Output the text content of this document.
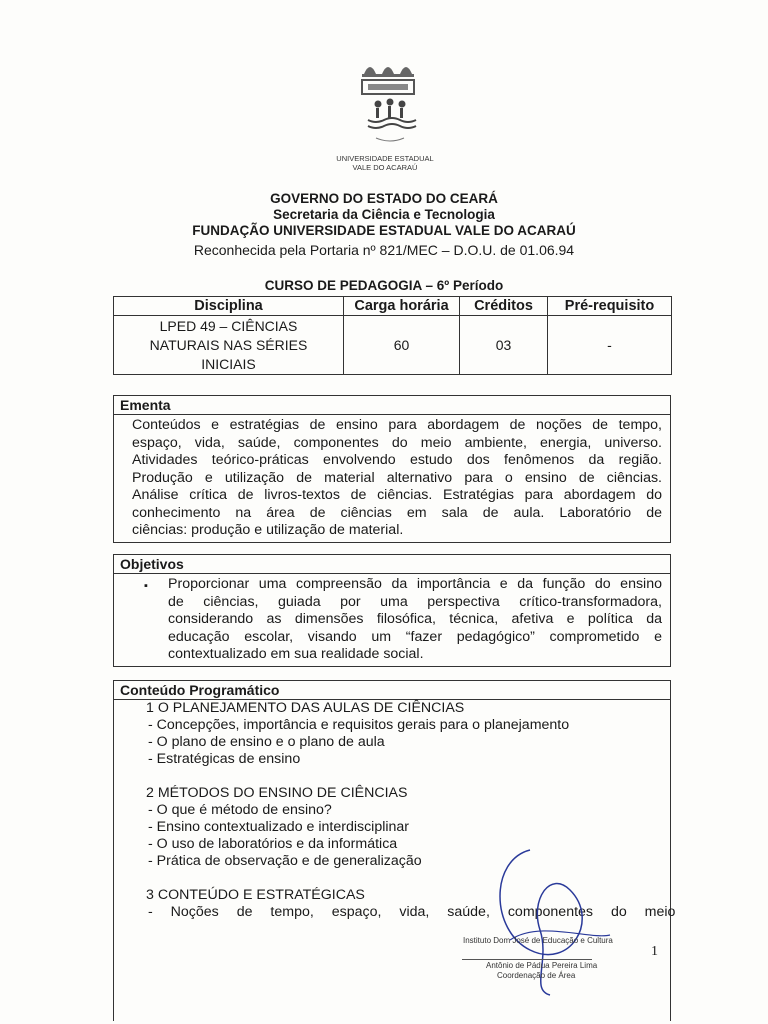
UNIVERSIDADE ESTADUAL
VALE DO ACARAÚ
GOVERNO DO ESTADO DO CEARÁ
Secretaria da Ciência e Tecnologia
FUNDAÇÃO UNIVERSIDADE ESTADUAL VALE DO ACARAÚ
Reconhecida pela Portaria nº 821/MEC – D.O.U. de 01.06.94
CURSO DE PEDAGOGIA – 6º Período
Disciplina	Carga horária	Créditos	Pré-requisito

LPED 49 – CIÊNCIAS
NATURAIS NAS SÉRIES
INICIAIS	60	03	-
Ementa
Conteúdos e estratégias de ensino para abordagem de noções de tempo,
espaço, vida, saúde, componentes do meio ambiente, energia, universo.
Atividades teórico-práticas envolvendo estudo dos fenômenos da região.
Produção e utilização de material alternativo para o ensino de ciências.
Análise crítica de livros-textos de ciências. Estratégias para abordagem do
conhecimento na área de ciências em sala de aula. Laboratório de
ciências: produção e utilização de material.
Objetivos
▪ Proporcionar uma compreensão da importância e da função do ensino
de ciências, guiada por uma perspectiva crítico-transformadora,
considerando as dimensões filosófica, técnica, afetiva e política da
educação escolar, visando um “fazer pedagógico” comprometido e
contextualizado em sua realidade social.
Conteúdo Programático
1 O PLANEJAMENTO DAS AULAS DE CIÊNCIAS
- Concepções, importância e requisitos gerais para o planejamento
- O plano de ensino e o plano de aula
- Estratégicas de ensino
2 MÉTODOS DO ENSINO DE CIÊNCIAS
- O que é método de ensino?
- Ensino contextualizado e interdisciplinar
- O uso de laboratórios e da informática
- Prática de observação e de generalização
3 CONTEÚDO E ESTRATÉGICAS
- Noções de tempo, espaço, vida, saúde, componentes do meio
Instituto Dom José de Educação e Cultura
Antônio de Pádua Pereira Lima
Coordenação de Área
1
